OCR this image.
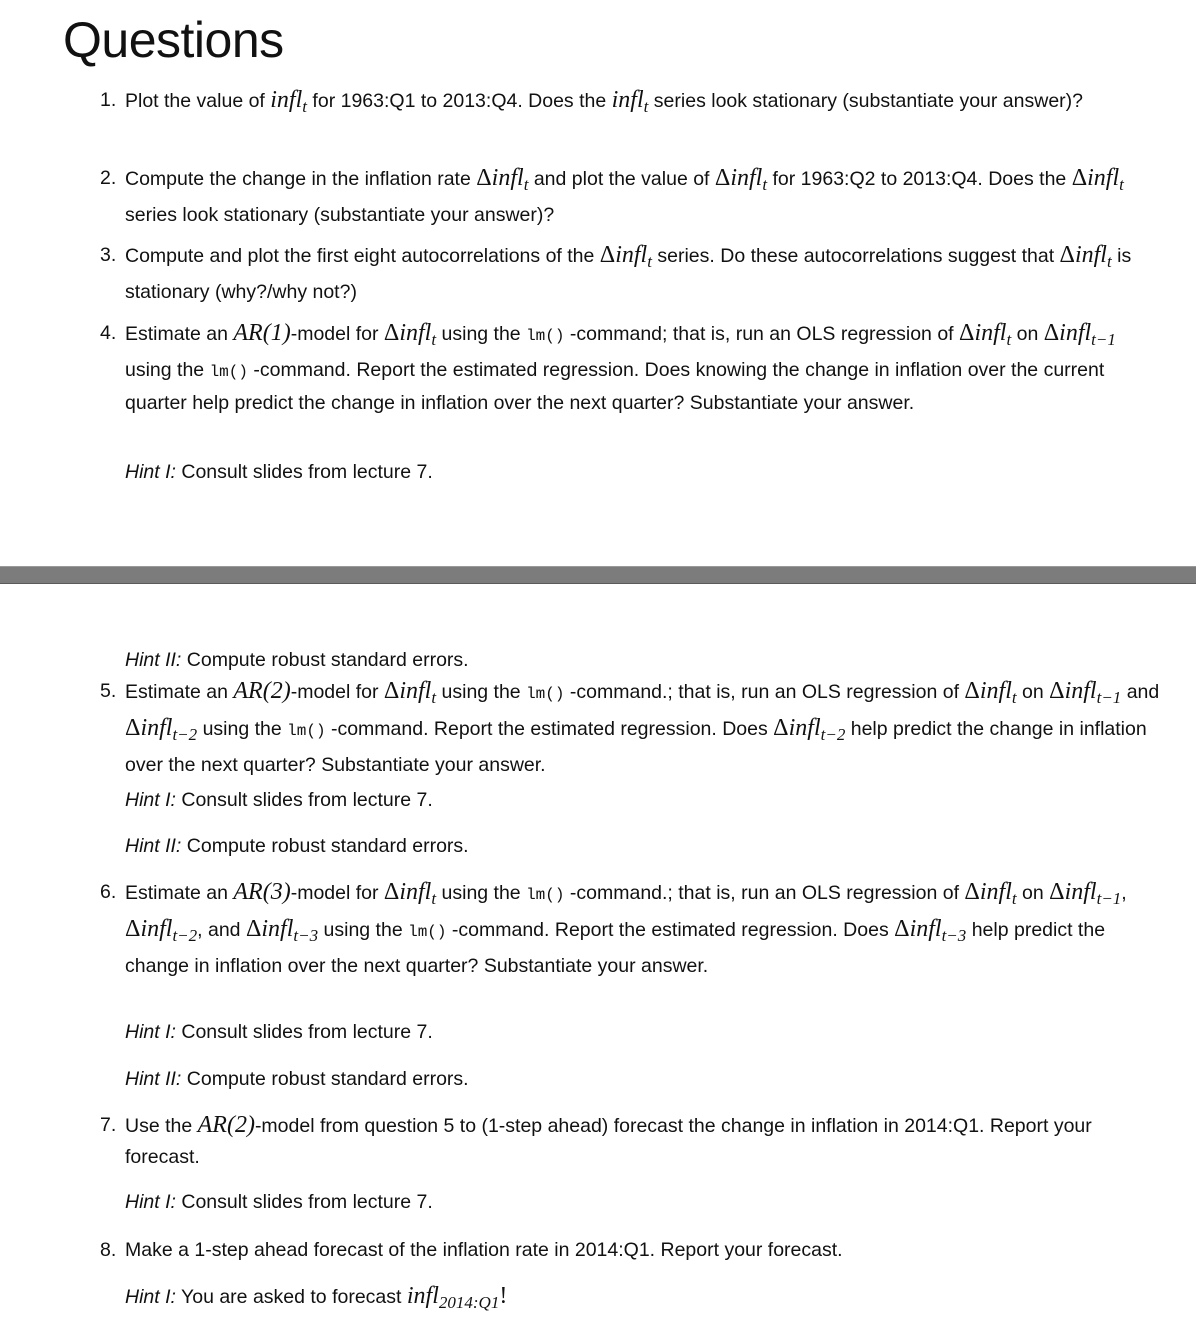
Questions
1. Plot the value of inflt for 1963:Q1 to 2013:Q4. Does the inflt series look stationary (substantiate your answer)?
2. Compute the change in the inflation rate Δinflt and plot the value of Δinflt for 1963:Q2 to 2013:Q4. Does the Δinflt series look stationary (substantiate your answer)?
3. Compute and plot the first eight autocorrelations of the Δinflt series. Do these autocorrelations suggest that Δinflt is stationary (why?/why not?)
4. Estimate an AR(1)-model for Δinflt using the lm() -command; that is, run an OLS regression of Δinflt on Δinflt−1 using the lm() -command. Report the estimated regression. Does knowing the change in inflation over the current quarter help predict the change in inflation over the next quarter? Substantiate your answer.
Hint I: Consult slides from lecture 7.
Hint II: Compute robust standard errors.
5. Estimate an AR(2)-model for Δinflt using the lm() -command.; that is, run an OLS regression of Δinflt on Δinflt−1 and Δinflt−2 using the lm() -command. Report the estimated regression. Does Δinflt−2 help predict the change in inflation over the next quarter? Substantiate your answer.
Hint I: Consult slides from lecture 7.
Hint II: Compute robust standard errors.
6. Estimate an AR(3)-model for Δinflt using the lm() -command.; that is, run an OLS regression of Δinflt on Δinflt−1, Δinflt−2, and Δinflt−3 using the lm() -command. Report the estimated regression. Does Δinflt−3 help predict the change in inflation over the next quarter? Substantiate your answer.
Hint I: Consult slides from lecture 7.
Hint II: Compute robust standard errors.
7. Use the AR(2)-model from question 5 to (1-step ahead) forecast the change in inflation in 2014:Q1. Report your forecast.
Hint I: Consult slides from lecture 7.
8. Make a 1-step ahead forecast of the inflation rate in 2014:Q1. Report your forecast.
Hint I: You are asked to forecast infl2014:Q1!
